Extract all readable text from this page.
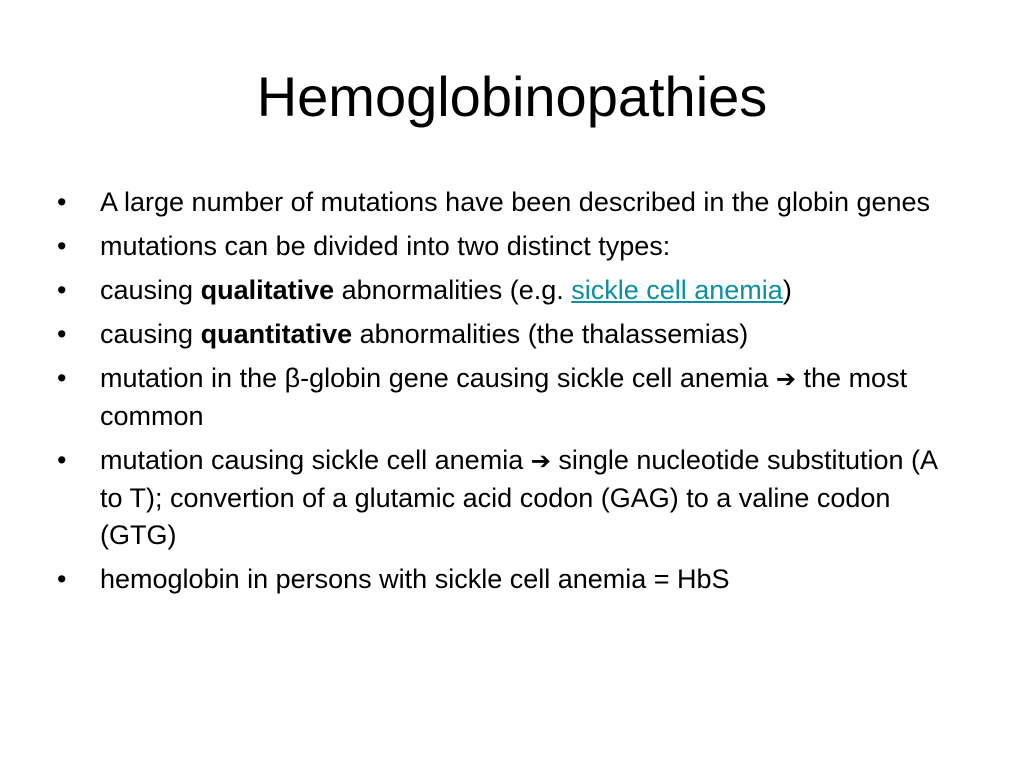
Hemoglobinopathies
•	A large number of mutations have been described in the globin genes
•	mutations can be divided into two distinct types:
•	causing qualitative abnormalities (e.g. sickle cell anemia)
•	causing quantitative abnormalities (the thalassemias)
•	mutation in the β-globin gene causing sickle cell anemia ➔ the most common
•	mutation causing sickle cell anemia ➔ single nucleotide substitution (A to T); convertion of a glutamic acid codon (GAG) to a valine codon (GTG)
•	hemoglobin in persons with sickle cell anemia = HbS
